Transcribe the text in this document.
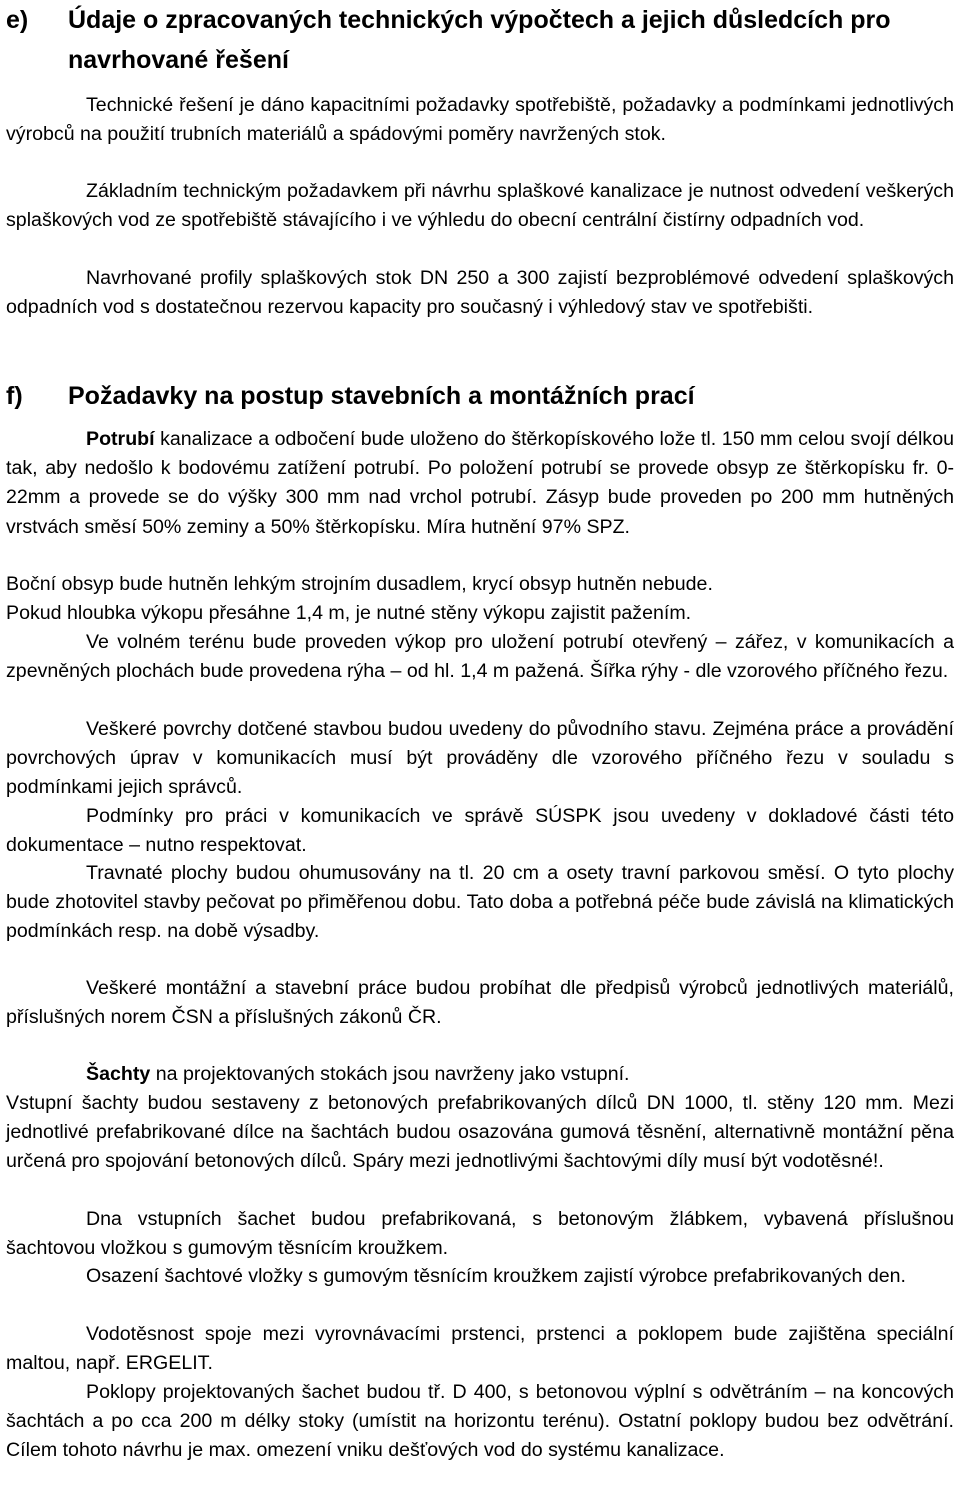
e) Údaje o zpracovaných technických výpočtech a jejich důsledcích pro navrhované řešení

Technické řešení je dáno kapacitními požadavky spotřebiště, požadavky a podmínkami jednotlivých výrobců na použití trubních materiálů a spádovými poměry navržených stok.

Základním technickým požadavkem při návrhu splaškové kanalizace je nutnost odvedení veškerých splaškových vod ze spotřebiště stávajícího i ve výhledu do obecní centrální čistírny odpadních vod.

Navrhované profily splaškových stok DN 250 a 300 zajistí bezproblémové odvedení splaškových odpadních vod s dostatečnou rezervou kapacity pro současný i výhledový stav ve spotřebišti.

f) Požadavky na postup stavebních a montážních prací

Potrubí kanalizace a odbočení bude uloženo do štěrkopískového lože tl. 150 mm celou svojí délkou tak, aby nedošlo k bodovému zatížení potrubí. Po položení potrubí se provede obsyp ze štěrkopísku fr. 0-22mm a provede se do výšky 300 mm nad vrchol potrubí. Zásyp bude proveden po 200 mm hutněných vrstvách směsí 50% zeminy a 50% štěrkopísku. Míra hutnění 97% SPZ.

Boční obsyp bude hutněn lehkým strojním dusadlem, krycí obsyp hutněn nebude.

Pokud hloubka výkopu přesáhne 1,4 m, je nutné stěny výkopu zajistit pažením.

Ve volném terénu bude proveden výkop pro uložení potrubí otevřený – zářez, v komunikacích a zpevněných plochách bude provedena rýha – od hl. 1,4 m pažená. Šířka rýhy - dle vzorového příčného řezu.

Veškeré povrchy dotčené stavbou budou uvedeny do původního stavu. Zejména práce a provádění povrchových úprav v komunikacích musí být prováděny dle vzorového příčného řezu v souladu s podmínkami jejich správců.

Podmínky pro práci v komunikacích ve správě SÚSPK jsou uvedeny v dokladové části této dokumentace – nutno respektovat.

Travnaté plochy budou ohumusovány na tl. 20 cm a osety travní parkovou směsí. O tyto plochy bude zhotovitel stavby pečovat po přiměřenou dobu. Tato doba a potřebná péče bude závislá na klimatických podmínkách resp. na době výsadby.

Veškeré montážní a stavební práce budou probíhat dle předpisů výrobců jednotlivých materiálů, příslušných norem ČSN a příslušných zákonů ČR.

Šachty na projektovaných stokách jsou navrženy jako vstupní.

Vstupní šachty budou sestaveny z betonových prefabrikovaných dílců DN 1000, tl. stěny 120 mm. Mezi jednotlivé prefabrikované dílce na šachtách budou osazována gumová těsnění, alternativně montážní pěna určená pro spojování betonových dílců. Spáry mezi jednotlivými šachtovými díly musí být vodotěsné!.

Dna vstupních šachet budou prefabrikovaná, s betonovým žlábkem, vybavená příslušnou šachtovou vložkou s gumovým těsnícím kroužkem.

Osazení šachtové vložky s gumovým těsnícím kroužkem zajistí výrobce prefabrikovaných den.

Vodotěsnost spoje mezi vyrovnávacími prstenci, prstenci a poklopem bude zajištěna speciální maltou, např. ERGELIT.

Poklopy projektovaných šachet budou tř. D 400, s betonovou výplní s odvětráním – na koncových šachtách a po cca 200 m délky stoky (umístit na horizontu terénu). Ostatní poklopy budou bez odvětrání. Cílem tohoto návrhu je max. omezení vniku dešťových vod do systému kanalizace.
